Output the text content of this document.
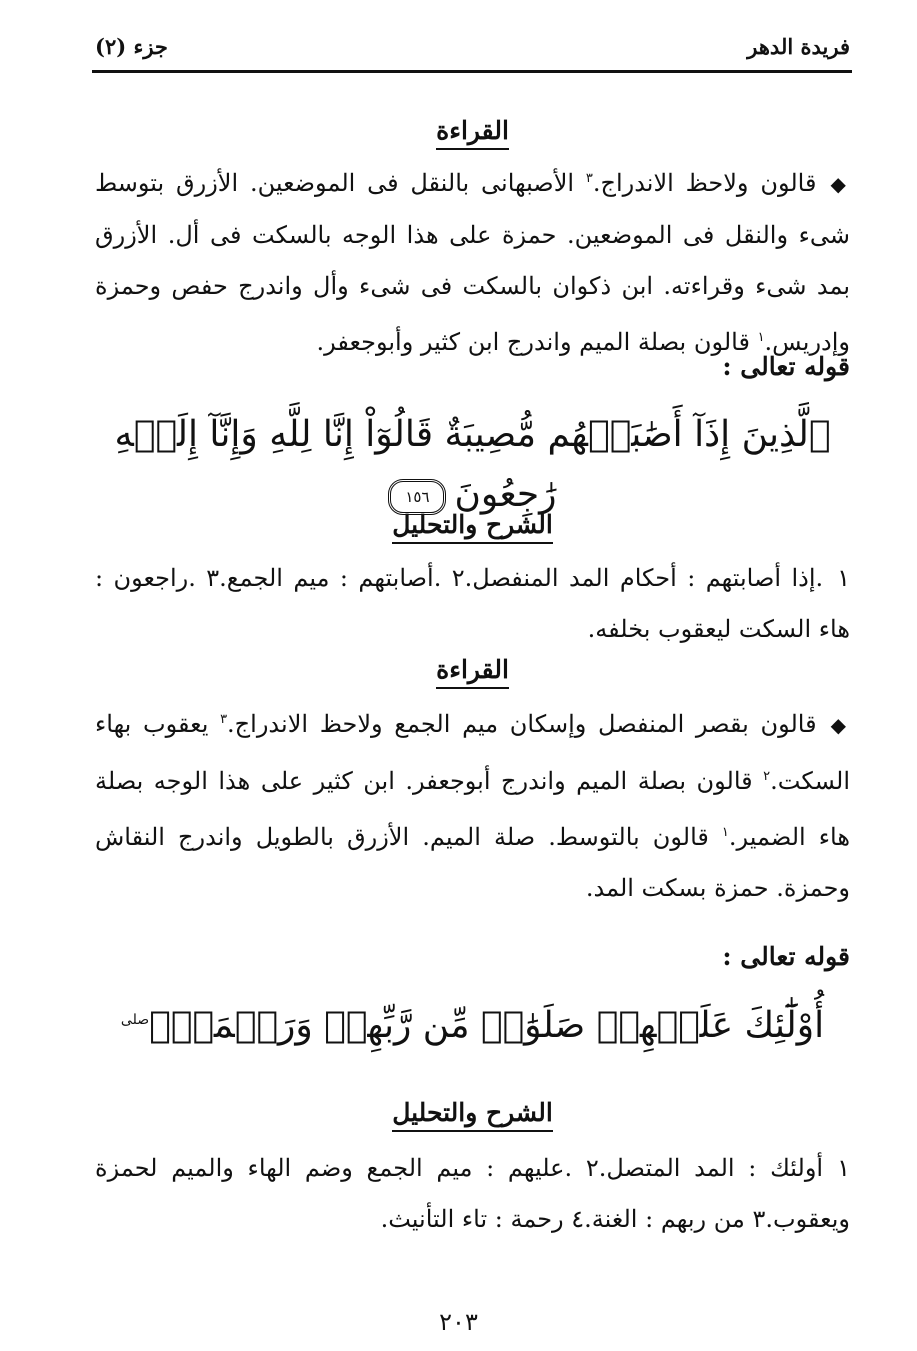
فريدة الدهر
جزء (٢)
القراءة

◆قالون ولاحظ الاندراج.$^٣$ الأصبهانى بالنقل فى الموضعين. الأزرق بتوسط شىء والنقل فى الموضعين. حمزة على هذا الوجه بالسكت فى أل. الأزرق بمد شىء وقراءته. ابن ذكوان بالسكت فى شىء وأل واندرج حفص وحمزة وإدريس.$^١$ قالون بصلة الميم واندرج ابن كثير وأبوجعفر.

قوله تعالى :
ٱلَّذِينَ إِذَآ أَصَٰبَتۡهُم مُّصِيبَةٌ قَالُوٓاْ إِنَّا لِلَّهِ وَإِنَّآ إِلَيۡهِ رَٰجِعُونَ١٥٦
الشرح والتحليل

١.إذا أصابتهم : أحكام المد المنفصل.٢ .أصابتهم : ميم الجمع.٣ .راجعون : هاء السكت ليعقوب بخلفه.

القراءة

◆قالون بقصر المنفصل وإسكان ميم الجمع ولاحظ الاندراج.$^٣$ يعقوب بهاء السكت.$^٢$ قالون بصلة الميم واندرج أبوجعفر. ابن كثير على هذا الوجه بصلة هاء الضمير.$^١$ قالون بالتوسط. صلة الميم. الأزرق بالطويل واندرج النقاش وحمزة. حمزة بسكت المد.

قوله تعالى :
أُوْلَٰٓئِكَ عَلَيۡهِمۡ صَلَوَٰتٞ مِّن رَّبِّهِمۡ وَرَحۡمَةٞۖ$^{صلى}$
الشرح والتحليل

١أولئك : المد المتصل.٢ .عليهم : ميم الجمع وضم الهاء والميم لحمزة ويعقوب.٣ من ربهم : الغنة.٤ رحمة : تاء التأنيث.

٢٠٣
